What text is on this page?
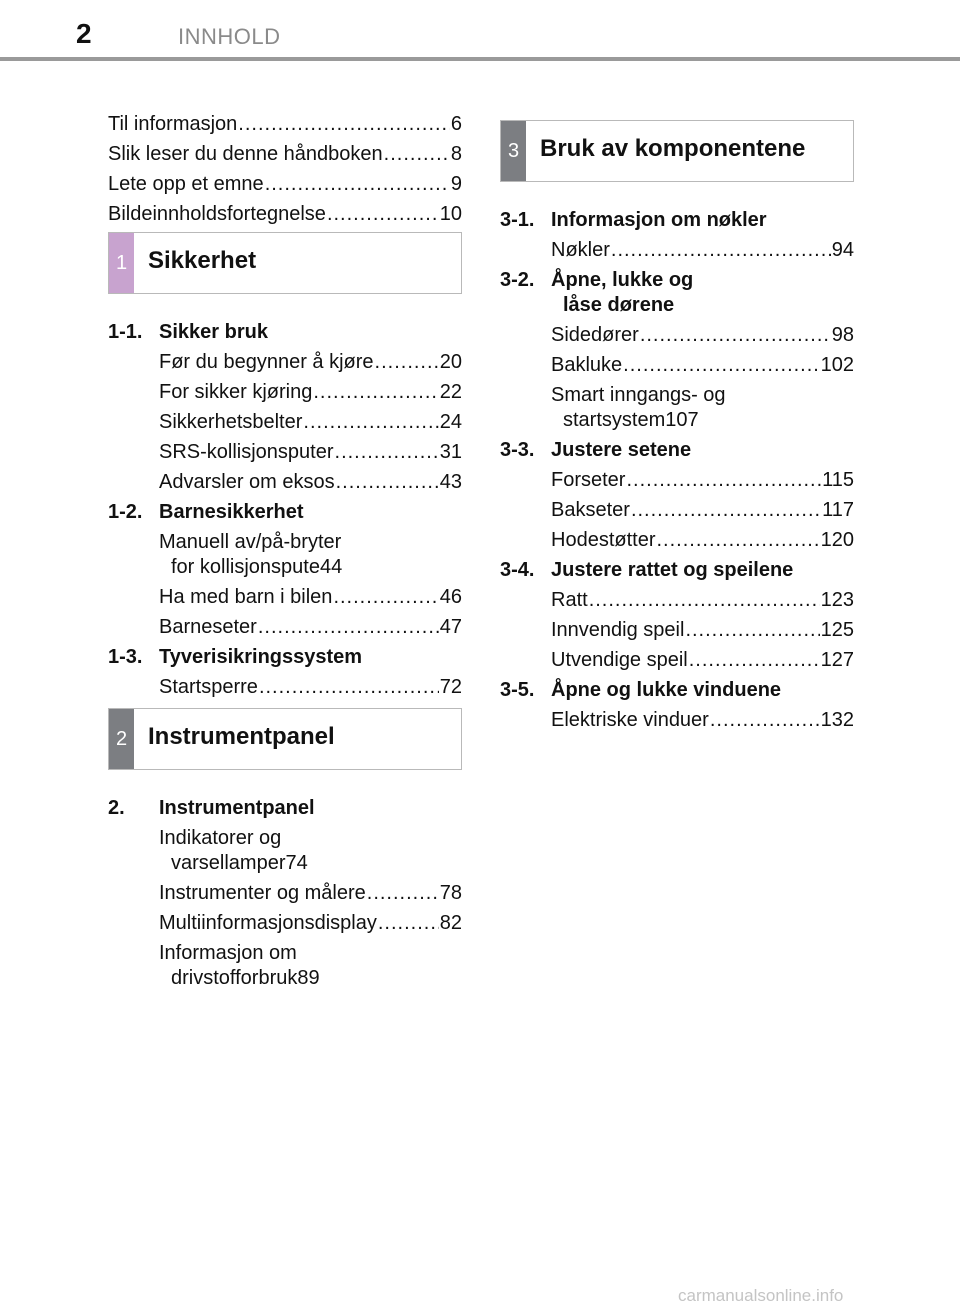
2	INNHOLD
Til informasjon .....	6
Slik leser du denne håndboken .....	8
Lete opp et emne .....	9
Bildeinnholdsfortegnelse .....	10
1 Sikkerhet
1-1. Sikker bruk
Før du begynner å kjøre .....	20
For sikker kjøring .....	22
Sikkerhetsbelter .....	24
SRS-kollisjonsputer .....	31
Advarsler om eksos .....	43
1-2. Barnesikkerhet
Manuell av/på-bryter
for kollisjonspute 44
Ha med barn i bilen .....	46
Barneseter .....	47
1-3. Tyverisikringssystem
Startsperre .....	72
2 Instrumentpanel
2.	Instrumentpanel
Indikatorer og
varsellamper 74
Instrumenter og målere .....	78
Multiinformasjonsdisplay .....	82
Informasjon om
drivstofforbruk 89
3 Bruk av komponentene
3-1. Informasjon om nøkler
Nøkler .....	94
3-2. Åpne, lukke og
låse dørene
Sidedører .....	98
Bakluke .....	102
Smart inngangs- og
startsystem 107
3-3. Justere setene
Forseter .....	115
Bakseter .....	117
Hodestøtter .....	120
3-4. Justere rattet og speilene
Ratt .....	123
Innvendig speil .....	125
Utvendige speil .....	127
3-5. Åpne og lukke vinduene
Elektriske vinduer .....	132
carmanualsonline.info
